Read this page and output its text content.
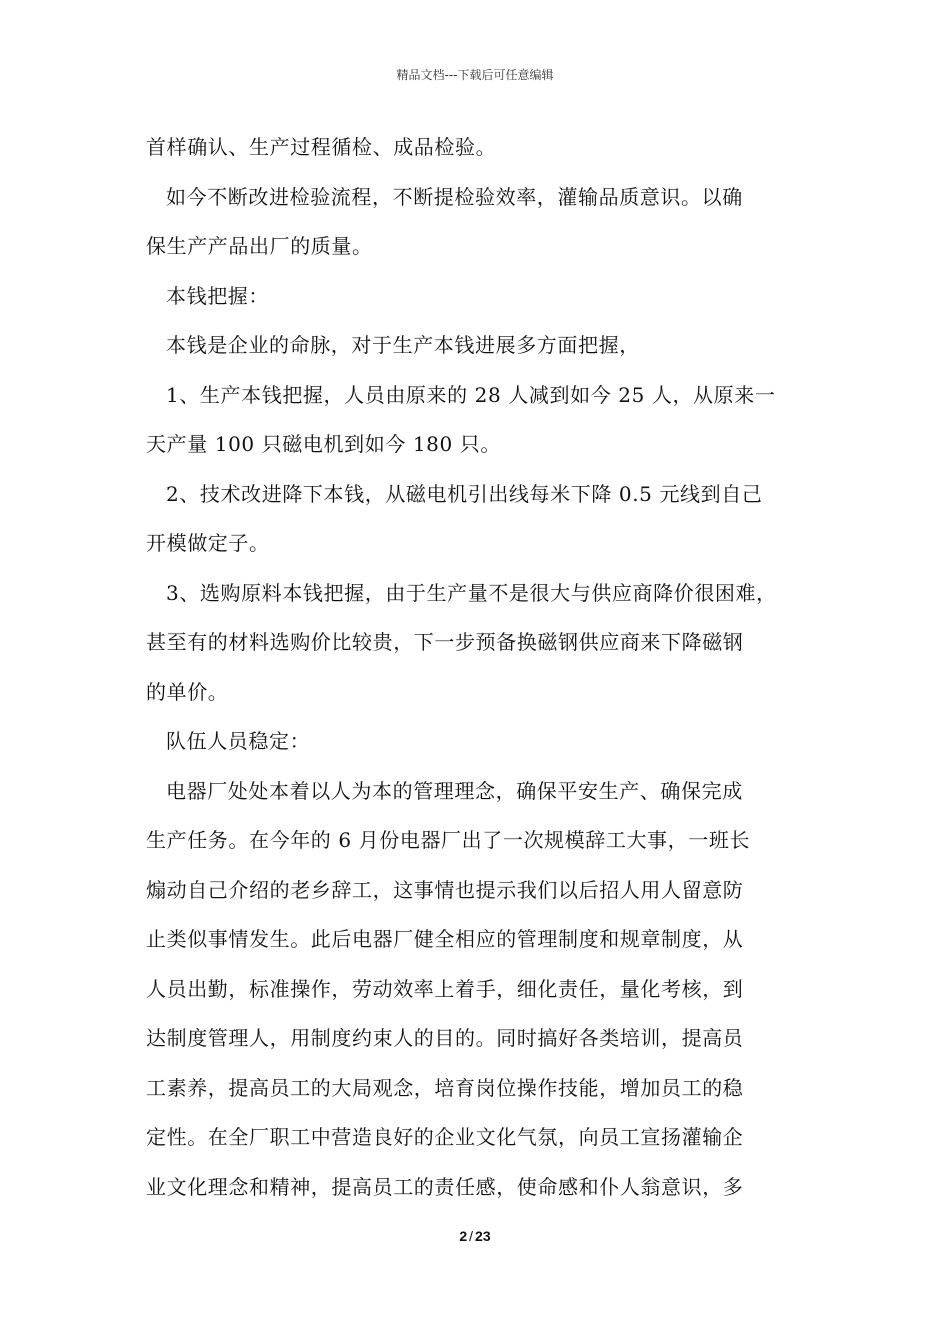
精品文档---下载后可任意编辑
首样确认、生产过程循检、成品检验。
如今不断改进检验流程，不断提检验效率，灌输品质意识。以确
保生产产品出厂的质量。
本钱把握：
本钱是企业的命脉，对于生产本钱进展多方面把握，
1、生产本钱把握，人员由原来的 28 人减到如今 25 人，从原来一
天产量 100 只磁电机到如今 180 只。
2、技术改进降下本钱，从磁电机引出线每米下降 0.5 元线到自己
开模做定子。
3、选购原料本钱把握，由于生产量不是很大与供应商降价很困难，
甚至有的材料选购价比较贵，下一步预备换磁钢供应商来下降磁钢
的单价。
队伍人员稳定：
电器厂处处本着以人为本的管理理念，确保平安生产、确保完成
生产任务。在今年的 6 月份电器厂出了一次规模辞工大事，一班长
煽动自己介绍的老乡辞工，这事情也提示我们以后招人用人留意防
止类似事情发生。此后电器厂健全相应的管理制度和规章制度，从
人员出勤，标准操作，劳动效率上着手，细化责任，量化考核，到
达制度管理人，用制度约束人的目的。同时搞好各类培训，提高员
工素养，提高员工的大局观念，培育岗位操作技能，增加员工的稳
定性。在全厂职工中营造良好的企业文化气氛，向员工宣扬灌输企
业文化理念和精神，提高员工的责任感，使命感和仆人翁意识，多
2 / 23
